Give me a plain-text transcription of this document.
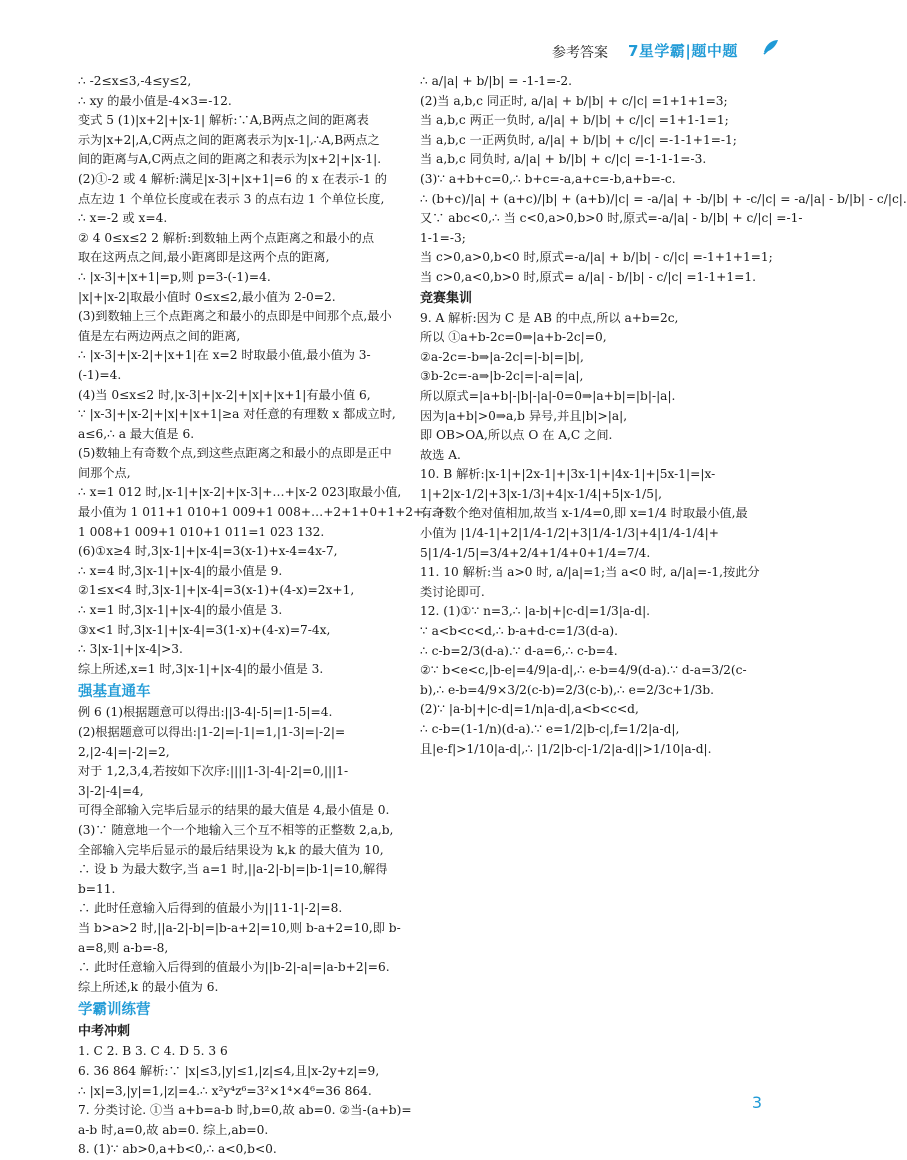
参考答案 7星学霸|题中题
∴ -2≤x≤3,-4≤y≤2,
∴ xy 的最小值是-4×3=-12.
变式 5 (1)|x+2|+|x-1| 解析:∵A,B两点之间的距离表
示为|x+2|,A,C两点之间的距离表示为|x-1|,∴A,B两点之
间的距离与A,C两点之间的距离之和表示为|x+2|+|x-1|.
(2)①-2 或 4 解析:满足|x-3|+|x+1|=6 的 x 在表示-1 的
点左边 1 个单位长度或在表示 3 的点右边 1 个单位长度,
∴ x=-2 或 x=4.
② 4 0≤x≤2 2 解析:到数轴上两个点距离之和最小的点
取在这两点之间,最小距离即是这两个点的距离,
∴ |x-3|+|x+1|=p,则 p=3-(-1)=4.
|x|+|x-2|取最小值时 0≤x≤2,最小值为 2-0=2.
(3)到数轴上三个点距离之和最小的点即是中间那个点,最小
值是左右两边两点之间的距离,
∴ |x-3|+|x-2|+|x+1|在 x=2 时取最小值,最小值为 3-
(-1)=4.
(4)当 0≤x≤2 时,|x-3|+|x-2|+|x|+|x+1|有最小值 6,
∵ |x-3|+|x-2|+|x|+|x+1|≥a 对任意的有理数 x 都成立时,
a≤6,∴ a 最大值是 6.
(5)数轴上有奇数个点,到这些点距离之和最小的点即是正中
间那个点,
∴ x=1 012 时,|x-1|+|x-2|+|x-3|+…+|x-2 023|取最小值,
最小值为 1 011+1 010+1 009+1 008+…+2+1+0+1+2+…+
1 008+1 009+1 010+1 011=1 023 132.
(6)①x≥4 时,3|x-1|+|x-4|=3(x-1)+x-4=4x-7,
∴ x=4 时,3|x-1|+|x-4|的最小值是 9.
②1≤x<4 时,3|x-1|+|x-4|=3(x-1)+(4-x)=2x+1,
∴ x=1 时,3|x-1|+|x-4|的最小值是 3.
③x<1 时,3|x-1|+|x-4|=3(1-x)+(4-x)=7-4x,
∴ 3|x-1|+|x-4|>3.
综上所述,x=1 时,3|x-1|+|x-4|的最小值是 3.
强基直通车
例 6 (1)根据题意可以得出:||3-4|-5|=|1-5|=4.
(2)根据题意可以得出:|1-2|=|-1|=1,|1-3|=|-2|=
2,|2-4|=|-2|=2,
对于 1,2,3,4,若按如下次序:||||1-3|-4|-2|=0,|||1-
3|-2|-4|=4,
可得全部输入完毕后显示的结果的最大值是 4,最小值是 0.
(3)∵ 随意地一个一个地输入三个互不相等的正整数 2,a,b,
全部输入完毕后显示的最后结果设为 k,k 的最大值为 10,
∴ 设 b 为最大数字,当 a=1 时,||a-2|-b|=|b-1|=10,解得
b=11.
∴ 此时任意输入后得到的值最小为||11-1|-2|=8.
当 b>a>2 时,||a-2|-b|=|b-a+2|=10,则 b-a+2=10,即 b-
a=8,则 a-b=-8,
∴ 此时任意输入后得到的值最小为||b-2|-a|=|a-b+2|=6.
综上所述,k 的最小值为 6.
学霸训练营
中考冲刺
1. C 2. B 3. C 4. D 5. 3 6
6. 36 864 解析:∵ |x|≤3,|y|≤1,|z|≤4,且|x-2y+z|=9,
∴ |x|=3,|y|=1,|z|=4.∴ x²y⁴z⁶=3²×1⁴×4⁶=36 864.
7. 分类讨论. ①当 a+b=a-b 时,b=0,故 ab=0. ②当-(a+b)=
a-b 时,a=0,故 ab=0. 综上,ab=0.
8. (1)∵ ab>0,a+b<0,∴ a<0,b<0.
∴ a/|a| + b/|b| = -1-1=-2.
(2)当 a,b,c 同正时, a/|a| + b/|b| + c/|c| =1+1+1=3;
当 a,b,c 两正一负时, a/|a| + b/|b| + c/|c| =1+1-1=1;
当 a,b,c 一正两负时, a/|a| + b/|b| + c/|c| =-1-1+1=-1;
当 a,b,c 同负时, a/|a| + b/|b| + c/|c| =-1-1-1=-3.
(3)∵ a+b+c=0,∴ b+c=-a,a+c=-b,a+b=-c.
∴ (b+c)/|a| + (a+c)/|b| + (a+b)/|c| = -a/|a| + -b/|b| + -c/|c| = -a/|a| - b/|b| - c/|c|.
又∵ abc<0,∴ 当 c<0,a>0,b>0 时,原式=-a/|a| - b/|b| + c/|c| =-1-
1-1=-3;
当 c>0,a>0,b<0 时,原式=-a/|a| + b/|b| - c/|c| =-1+1+1=1;
当 c>0,a<0,b>0 时,原式= a/|a| - b/|b| - c/|c| =1-1+1=1.
竞赛集训
9. A 解析:因为 C 是 AB 的中点,所以 a+b=2c,
所以 ①a+b-2c=0⇒|a+b-2c|=0,
②a-2c=-b⇒|a-2c|=|-b|=|b|,
③b-2c=-a⇒|b-2c|=|-a|=|a|,
所以原式=|a+b|-|b|-|a|-0=0⇒|a+b|=|b|-|a|.
因为|a+b|>0⇒a,b 异号,并且|b|>|a|,
即 OB>OA,所以点 O 在 A,C 之间.
故选 A.
10. B 解析:|x-1|+|2x-1|+|3x-1|+|4x-1|+|5x-1|=|x-
1|+2|x-1/2|+3|x-1/3|+4|x-1/4|+5|x-1/5|,
有奇数个绝对值相加,故当 x-1/4=0,即 x=1/4 时取最小值,最
小值为 |1/4-1|+2|1/4-1/2|+3|1/4-1/3|+4|1/4-1/4|+
5|1/4-1/5|=3/4+2/4+1/4+0+1/4=7/4.
11. 10 解析:当 a>0 时, a/|a|=1;当 a<0 时, a/|a|=-1,按此分
类讨论即可.
12. (1)①∵ n=3,∴ |a-b|+|c-d|=1/3|a-d|.
∵ a<b<c<d,∴ b-a+d-c=1/3(d-a).
∴ c-b=2/3(d-a).∵ d-a=6,∴ c-b=4.
②∵ b<e<c,|b-e|=4/9|a-d|,∴ e-b=4/9(d-a).∵ d-a=3/2(c-
b),∴ e-b=4/9×3/2(c-b)=2/3(c-b),∴ e=2/3c+1/3b.
(2)∵ |a-b|+|c-d|=1/n|a-d|,a<b<c<d,
∴ c-b=(1-1/n)(d-a).∵ e=1/2|b-c|,f=1/2|a-d|,
且|e-f|>1/10|a-d|,∴ |1/2|b-c|-1/2|a-d||>1/10|a-d|.
3
